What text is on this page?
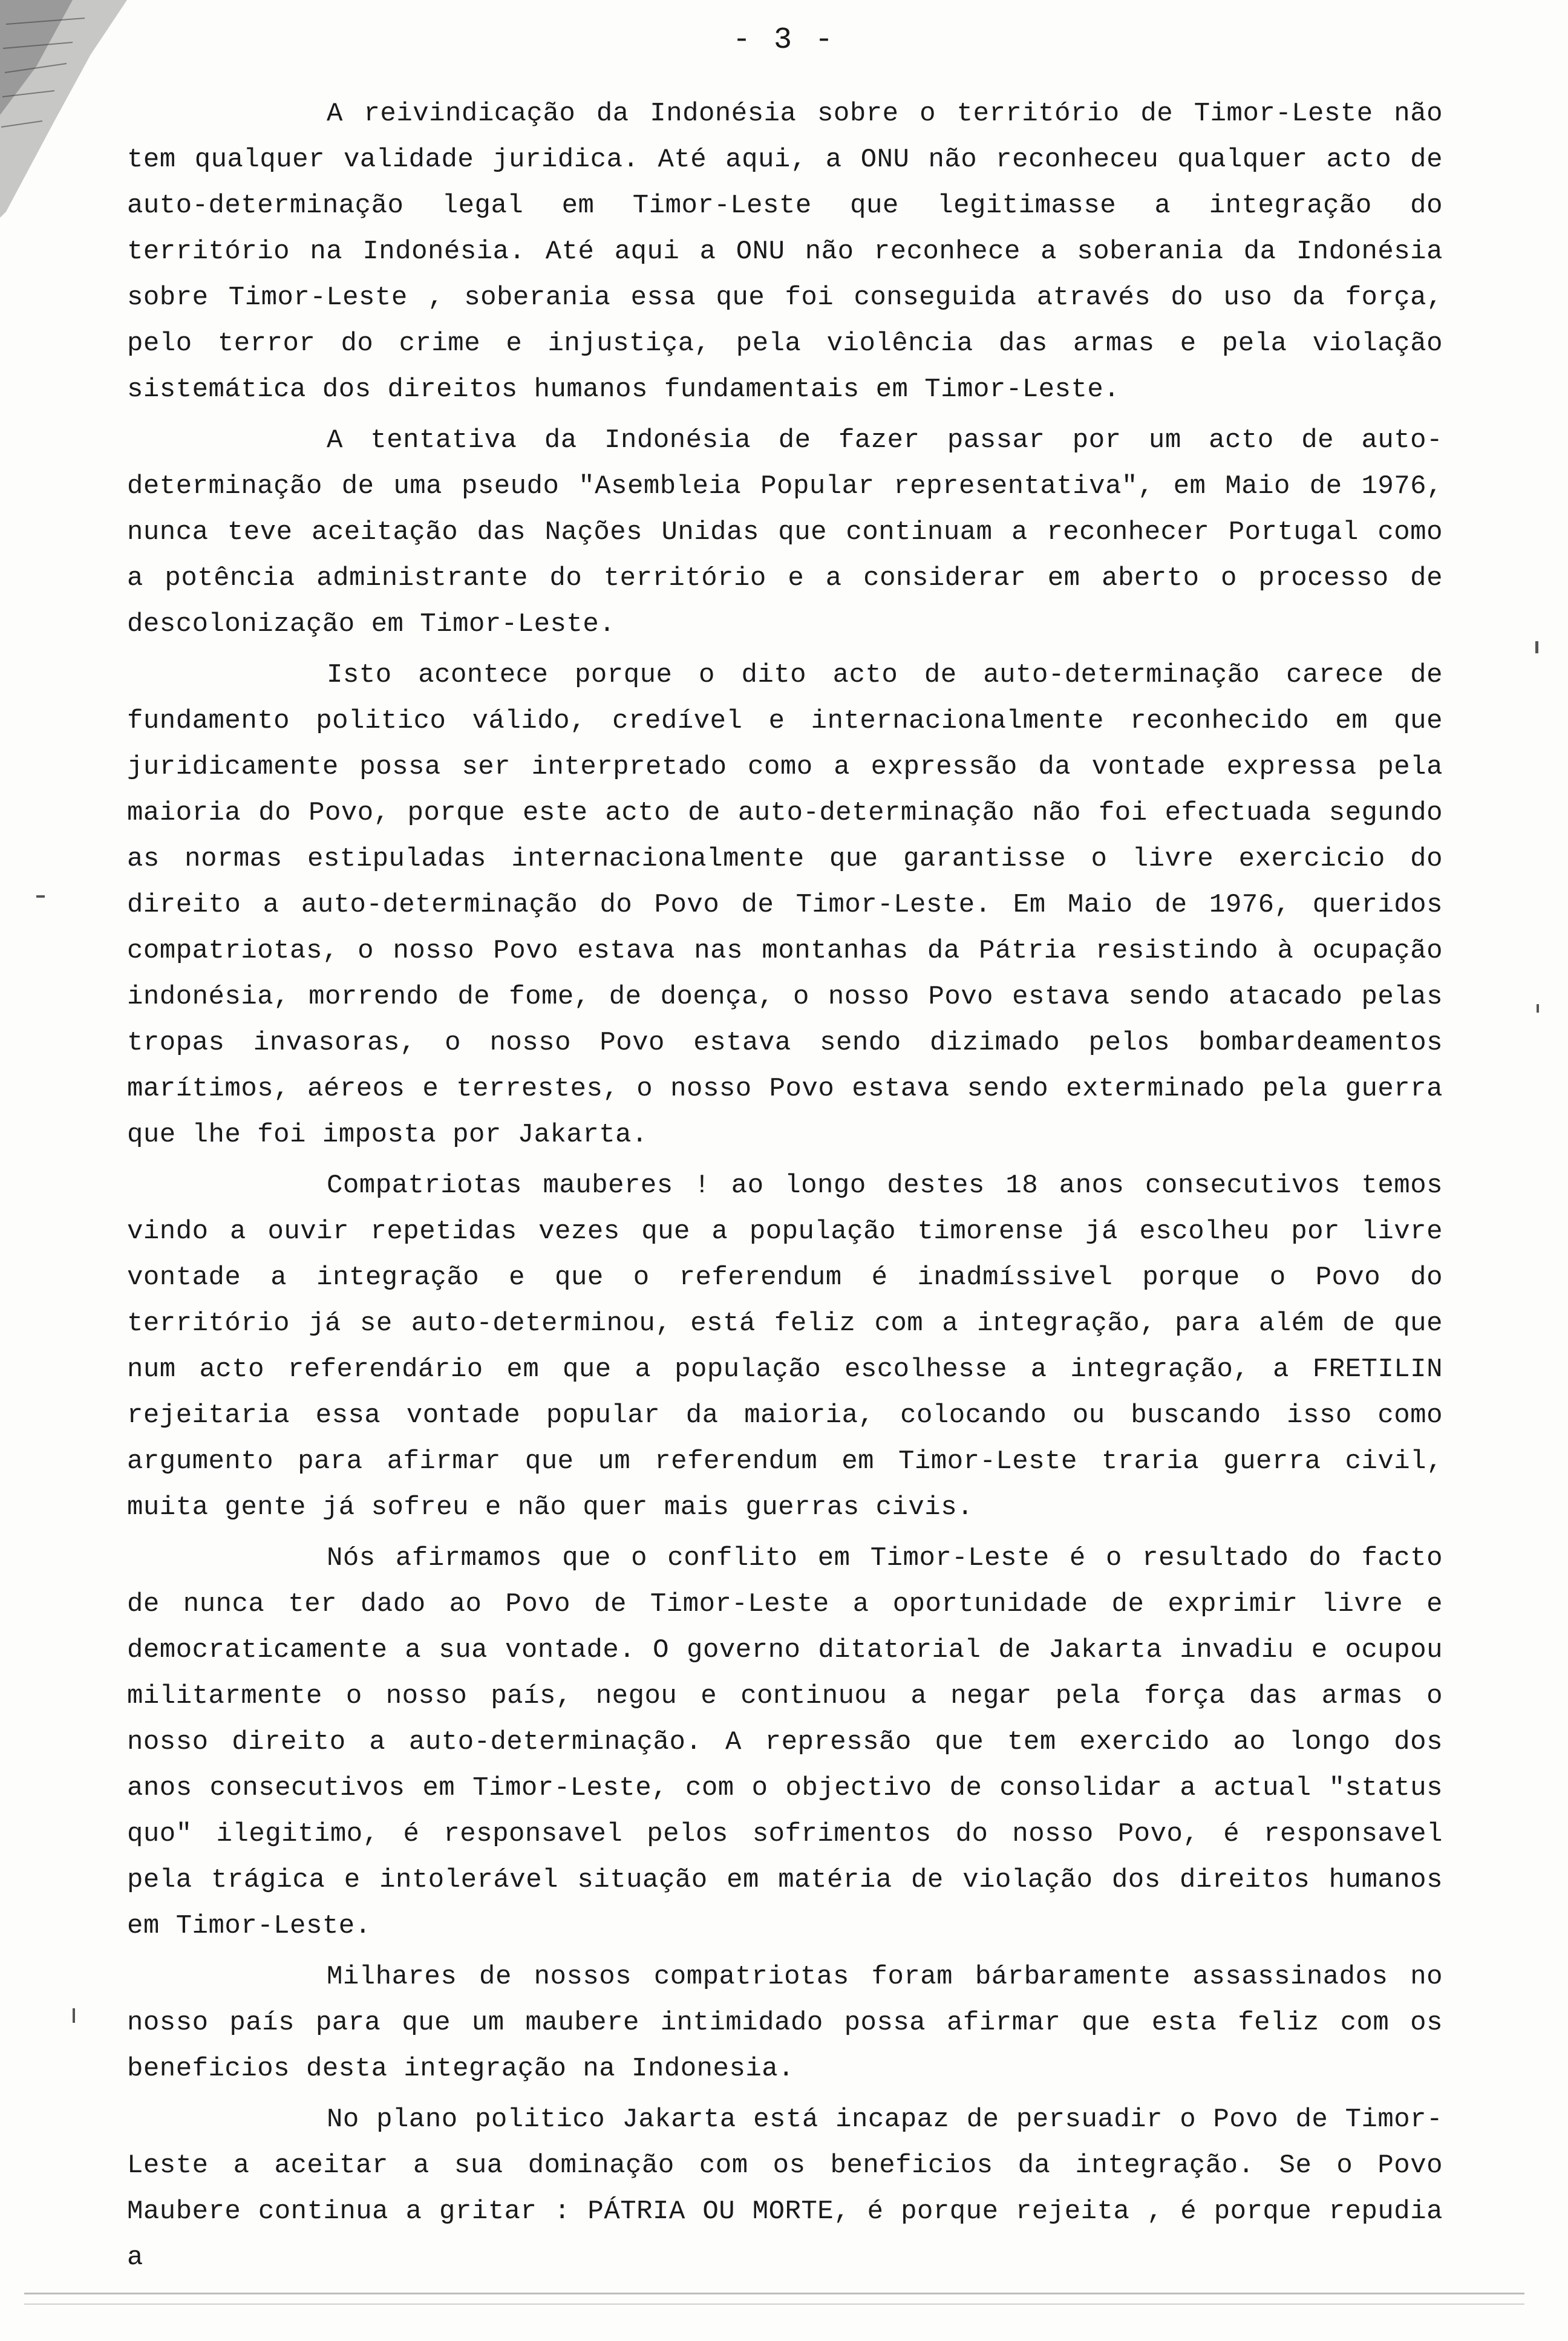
- 3 -

A reivindicação da Indonésia sobre o território de Timor-Leste não tem qualquer validade juridica. Até aqui, a ONU não reconheceu qualquer acto de auto-determinação legal em Timor-Leste que legitimasse a integração do território na Indonésia. Até aqui a ONU não reconhece a soberania da Indonésia sobre Timor-Leste , soberania essa que foi conseguida através do uso da força, pelo terror do crime e injustiça, pela violência das armas e pela violação sistemática dos direitos humanos fundamentais em Timor-Leste.

A tentativa da Indonésia de fazer passar por um acto de auto-determinação de uma pseudo "Asembleia Popular representativa", em Maio de 1976, nunca teve aceitação das Nações Unidas que continuam a reconhecer Portugal como a potência administrante do território e a considerar em aberto o processo de descolonização em Timor-Leste.

Isto acontece porque o dito acto de auto-determinação carece de fundamento politico válido, credível e internacionalmente reconhecido em que juridicamente possa ser interpretado como a expressão da vontade expressa pela maioria do Povo, porque este acto de auto-determinação não foi efectuada segundo as normas estipuladas internacionalmente que garantisse o livre exercicio do direito a auto-determinação do Povo de Timor-Leste. Em Maio de 1976, queridos compatriotas, o nosso Povo estava nas montanhas da Pátria resistindo à ocupação indonésia, morrendo de fome, de doença, o nosso Povo estava sendo atacado pelas tropas invasoras, o nosso Povo estava sendo dizimado pelos bombardeamentos marítimos, aéreos e terrestes, o nosso Povo estava sendo exterminado pela guerra que lhe foi imposta por Jakarta.

Compatriotas mauberes ! ao longo destes 18 anos consecutivos temos vindo a ouvir repetidas vezes que a população timorense já escolheu por livre vontade a integração e que o referendum é inadmíssivel porque o Povo do território já se auto-determinou, está feliz com a integração, para além de que num acto referendário em que a população escolhesse a integração, a FRETILIN rejeitaria essa vontade popular da maioria, colocando ou buscando isso como argumento para afirmar que um referendum em Timor-Leste traria guerra civil, muita gente já sofreu e não quer mais guerras civis.

Nós afirmamos que o conflito em Timor-Leste é o resultado do facto de nunca ter dado ao Povo de Timor-Leste a oportunidade de exprimir livre e democraticamente a sua vontade. O governo ditatorial de Jakarta invadiu e ocupou militarmente o nosso país, negou e continuou a negar pela força das armas o nosso direito a auto-determinação. A repressão que tem exercido ao longo dos anos consecutivos em Timor-Leste, com o objectivo de consolidar a actual "status quo" ilegitimo, é responsavel pelos sofrimentos do nosso Povo, é responsavel pela trágica e intolerável situação em matéria de violação dos direitos humanos em Timor-Leste.

Milhares de nossos compatriotas foram bárbaramente assassinados no nosso país para que um maubere intimidado possa afirmar que esta feliz com os beneficios desta integração na Indonesia.

No plano politico Jakarta está incapaz de persuadir o Povo de Timor-Leste a aceitar a sua dominação com os beneficios da integração. Se o Povo Maubere continua a gritar : PÁTRIA OU MORTE, é porque rejeita , é porque repudia a
